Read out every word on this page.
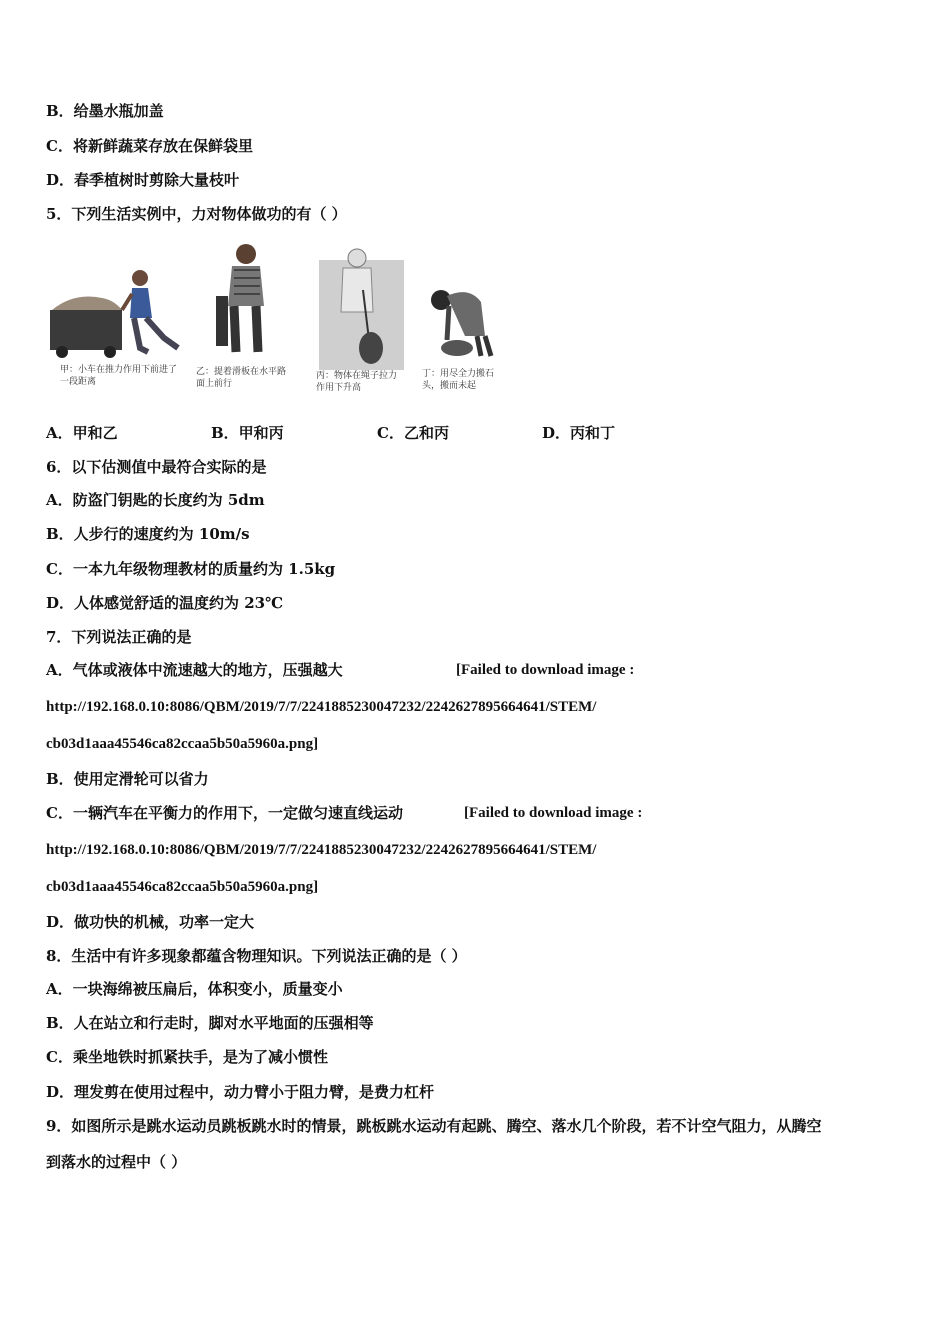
B．给墨水瓶加盖
C．将新鲜蔬菜存放在保鲜袋里
D．春季植树时剪除大量枝叶
5．下列生活实例中，力对物体做功的有（ ）
甲：小车在推力作用下前进了一段距离
乙：提着滑板在水平路面上前行
丙：物体在绳子拉力作用下升高
丁：用尽全力搬石头，搬而未起
A．甲和乙	B．甲和丙	C．乙和丙	D．丙和丁
6．以下估测值中最符合实际的是
A．防盗门钥匙的长度约为 5dm
B．人步行的速度约为 10m/s
C．一本九年级物理教材的质量约为 1.5kg
D．人体感觉舒适的温度约为 23℃
7．下列说法正确的是
A．气体或液体中流速越大的地方，压强越大	[Failed to download image :
http://192.168.0.10:8086/QBM/2019/7/7/2241885230047232/2242627895664641/STEM/
cb03d1aaa45546ca82ccaa5b50a5960a.png]
B．使用定滑轮可以省力
C．一辆汽车在平衡力的作用下，一定做匀速直线运动	[Failed to download image :
http://192.168.0.10:8086/QBM/2019/7/7/2241885230047232/2242627895664641/STEM/
cb03d1aaa45546ca82ccaa5b50a5960a.png]
D．做功快的机械，功率一定大
8．生活中有许多现象都蕴含物理知识。下列说法正确的是（ ）
A．一块海绵被压扁后，体积变小，质量变小
B．人在站立和行走时，脚对水平地面的压强相等
C．乘坐地铁时抓紧扶手，是为了减小惯性
D．理发剪在使用过程中，动力臂小于阻力臂，是费力杠杆
9．如图所示是跳水运动员跳板跳水时的情景，跳板跳水运动有起跳、腾空、落水几个阶段，若不计空气阻力，从腾空
到落水的过程中（ ）
